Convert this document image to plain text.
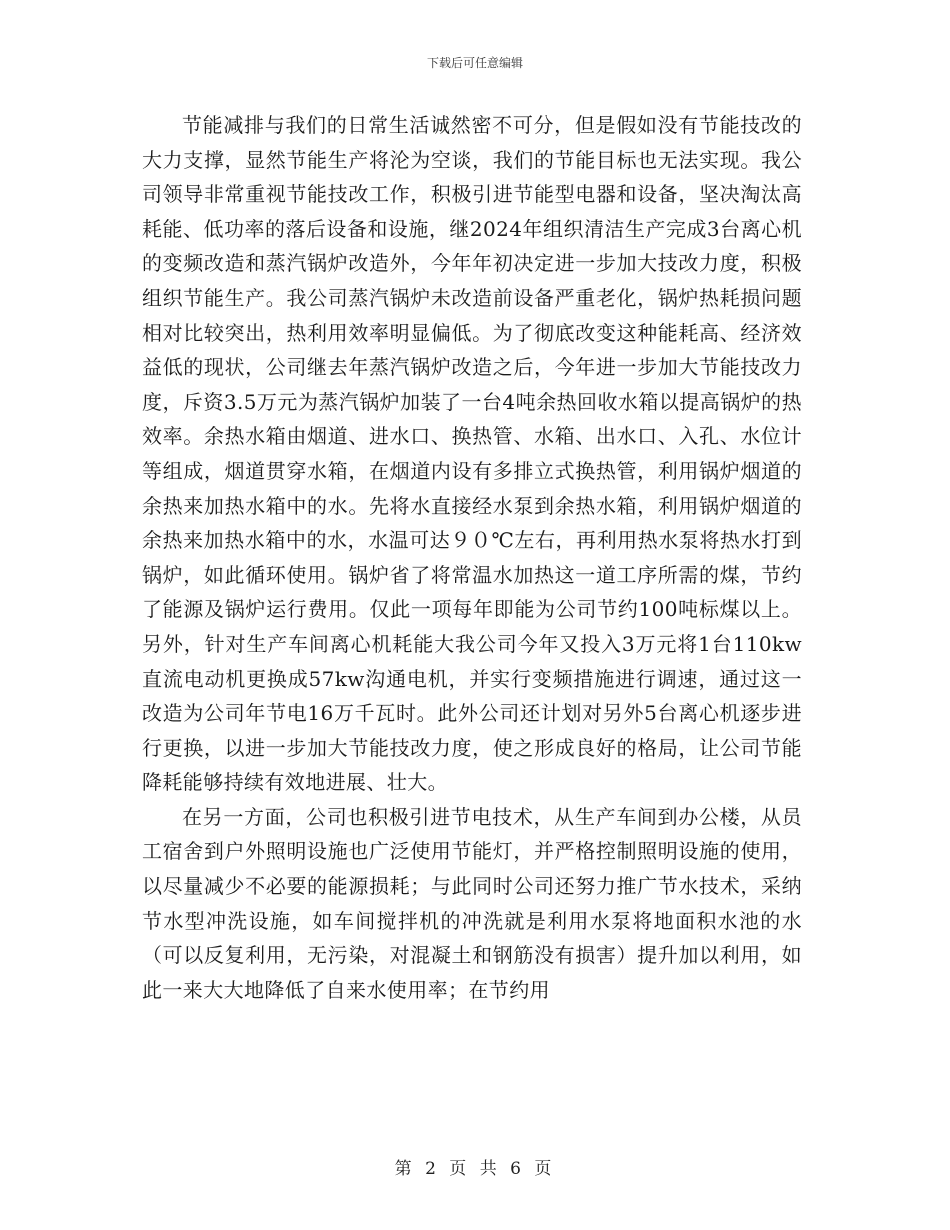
下载后可任意编辑

节能减排与我们的日常生活诚然密不可分，但是假如没有节能技改的大力支撑，显然节能生产将沦为空谈，我们的节能目标也无法实现。我公司领导非常重视节能技改工作，积极引进节能型电器和设备，坚决淘汰高耗能、低功率的落后设备和设施，继2024年组织清洁生产完成3台离心机的变频改造和蒸汽锅炉改造外，今年年初决定进一步加大技改力度，积极组织节能生产。我公司蒸汽锅炉未改造前设备严重老化，锅炉热耗损问题相对比较突出，热利用效率明显偏低。为了彻底改变这种能耗高、经济效益低的现状，公司继去年蒸汽锅炉改造之后，今年进一步加大节能技改力度，斥资3.5万元为蒸汽锅炉加装了一台4吨余热回收水箱以提高锅炉的热效率。余热水箱由烟道、进水口、换热管、水箱、出水口、入孔、水位计等组成，烟道贯穿水箱，在烟道内设有多排立式换热管，利用锅炉烟道的余热来加热水箱中的水。先将水直接经水泵到余热水箱，利用锅炉烟道的余热来加热水箱中的水，水温可达９０℃左右，再利用热水泵将热水打到锅炉，如此循环使用。锅炉省了将常温水加热这一道工序所需的煤，节约了能源及锅炉运行费用。仅此一项每年即能为公司节约100吨标煤以上。另外，针对生产车间离心机耗能大我公司今年又投入3万元将1台110kw直流电动机更换成57kw沟通电机，并实行变频措施进行调速，通过这一改造为公司年节电16万千瓦时。此外公司还计划对另外5台离心机逐步进行更换，以进一步加大节能技改力度，使之形成良好的格局，让公司节能降耗能够持续有效地进展、壮大。

在另一方面，公司也积极引进节电技术，从生产车间到办公楼，从员工宿舍到户外照明设施也广泛使用节能灯，并严格控制照明设施的使用，以尽量减少不必要的能源损耗；与此同时公司还努力推广节水技术，采纳节水型冲洗设施，如车间搅拌机的冲洗就是利用水泵将地面积水池的水（可以反复利用，无污染，对混凝土和钢筋没有损害）提升加以利用，如此一来大大地降低了自来水使用率；在节约用

第 2 页 共 6 页
